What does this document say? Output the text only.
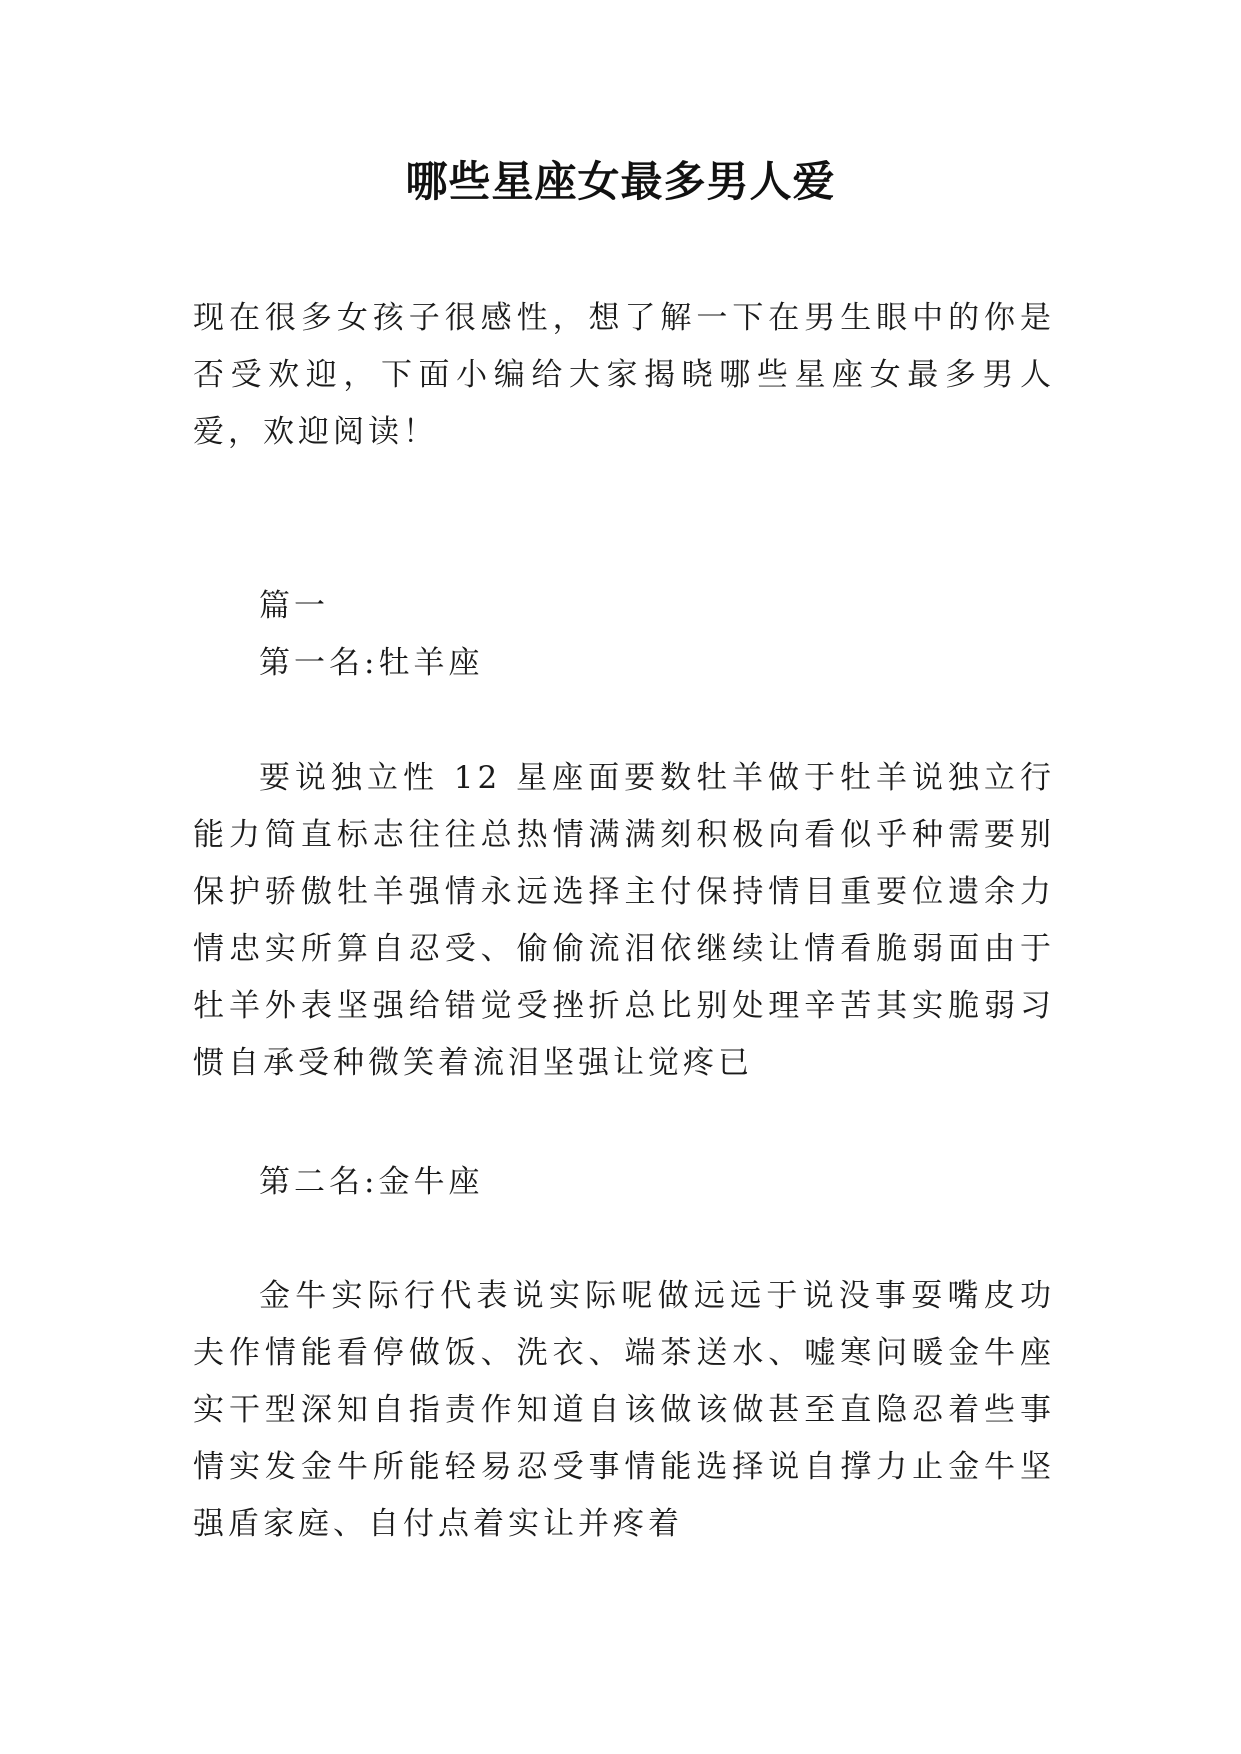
哪些星座女最多男人爱

现在很多女孩子很感性，想了解一下在男生眼中的你是否受欢迎，下面小编给大家揭晓哪些星座女最多男人爱，欢迎阅读！

篇一

第一名:牡羊座

要说独立性 12 星座面要数牡羊做于牡羊说独立行能力简直标志往往总热情满满刻积极向看似乎种需要别保护骄傲牡羊强情永远选择主付保持情目重要位遗余力情忠实所算自忍受、偷偷流泪依继续让情看脆弱面由于牡羊外表坚强给错觉受挫折总比别处理辛苦其实脆弱习惯自承受种微笑着流泪坚强让觉疼已

第二名:金牛座

金牛实际行代表说实际呢做远远于说没事耍嘴皮功夫作情能看停做饭、洗衣、端茶送水、嘘寒问暖金牛座实干型深知自指责作知道自该做该做甚至直隐忍着些事情实发金牛所能轻易忍受事情能选择说自撑力止金牛坚强盾家庭、自付点着实让并疼着
